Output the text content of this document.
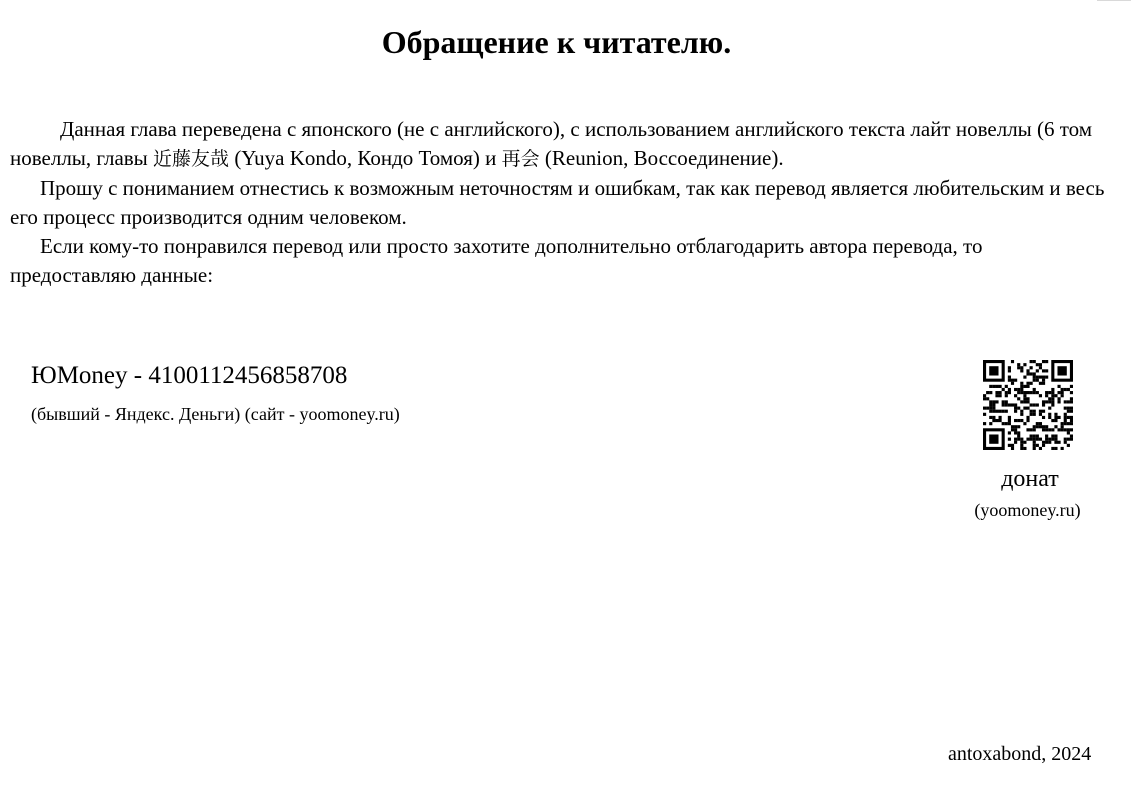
Обращение к читателю.

Данная глава переведена с японского (не с английского), с использованием английского текста лайт новеллы (6 том новеллы, главы 近藤友哉 (Yuya Kondo, Кондо Томоя) и 再会 (Reunion, Воссоединение).

Прошу с пониманием отнестись к возможным неточностям и ошибкам, так как перевод является любительским и весь его процесс производится одним человеком.

Если кому-то понравился перевод или просто захотите дополнительно отблагодарить автора перевода, то предоставляю данные:

ЮMoney - 4100112456858708
(бывший - Яндекс. Деньги) (сайт - yoomoney.ru)
донат
(yoomoney.ru)
antoxabond, 2024
